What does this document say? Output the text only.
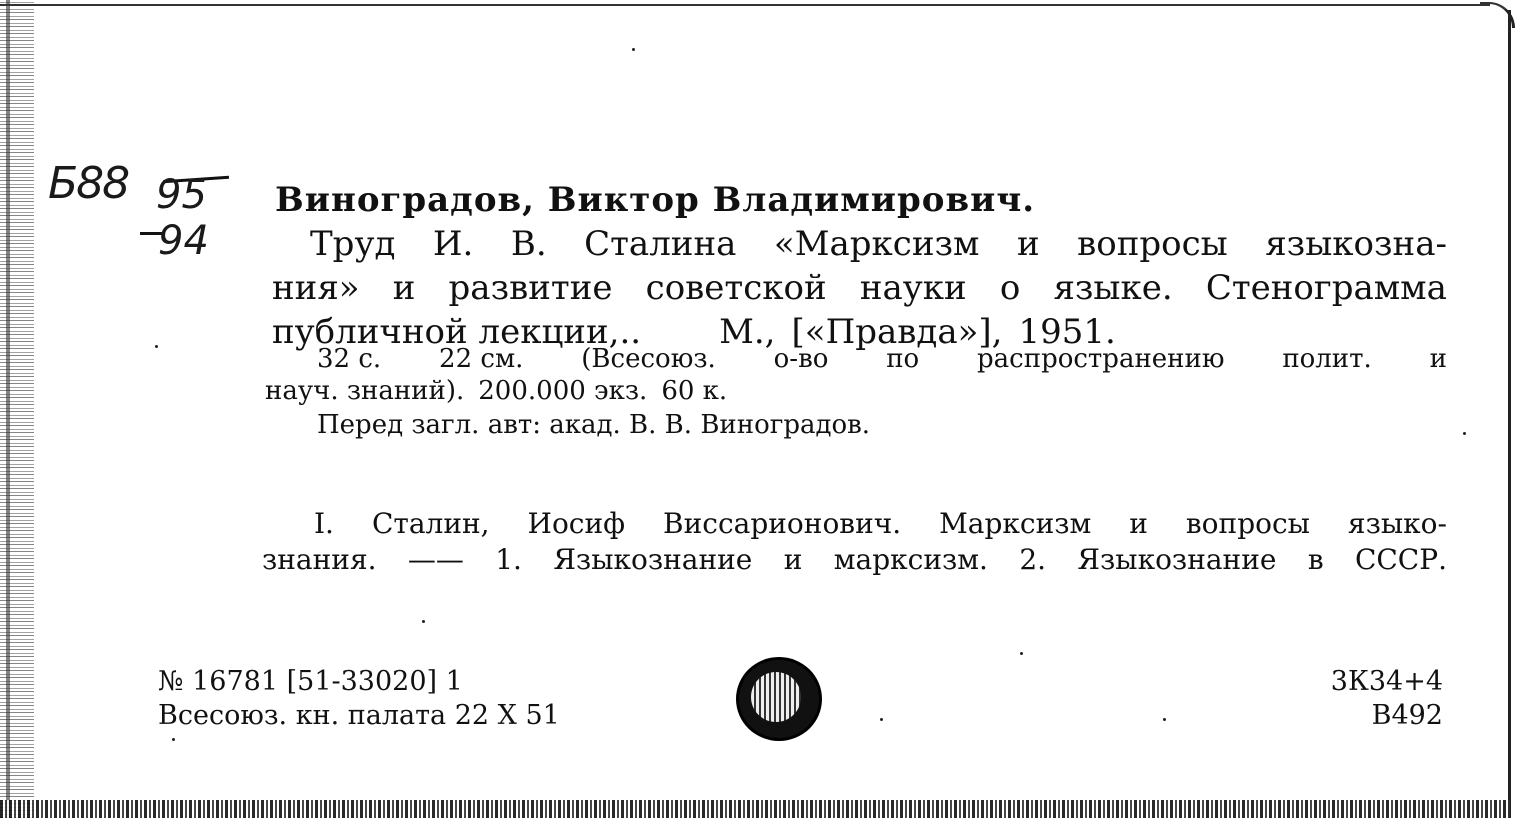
Б88 95
94
Виноградов, Виктор Владимирович.
Труд И. В. Сталина «Марксизм и вопросы языкозна-
ния» и развитие советской науки о языке. Стенограмма
публичной лекции,.. М., [«Правда»], 1951.
32 с. 22 см. (Всесоюз. о-во по распространению полит. и
науч. знаний). 200.000 экз. 60 к.
Перед загл. авт: акад. В. В. Виноградов.
I. Сталин, Иосиф Виссарионович. Марксизм и вопросы языко-
знания. —— 1. Языкознание и марксизм. 2. Языкознание в СССР.
№ 16781 [51-33020] 1
Всесоюз. кн. палата 22 X 51
3К34+4
В492
